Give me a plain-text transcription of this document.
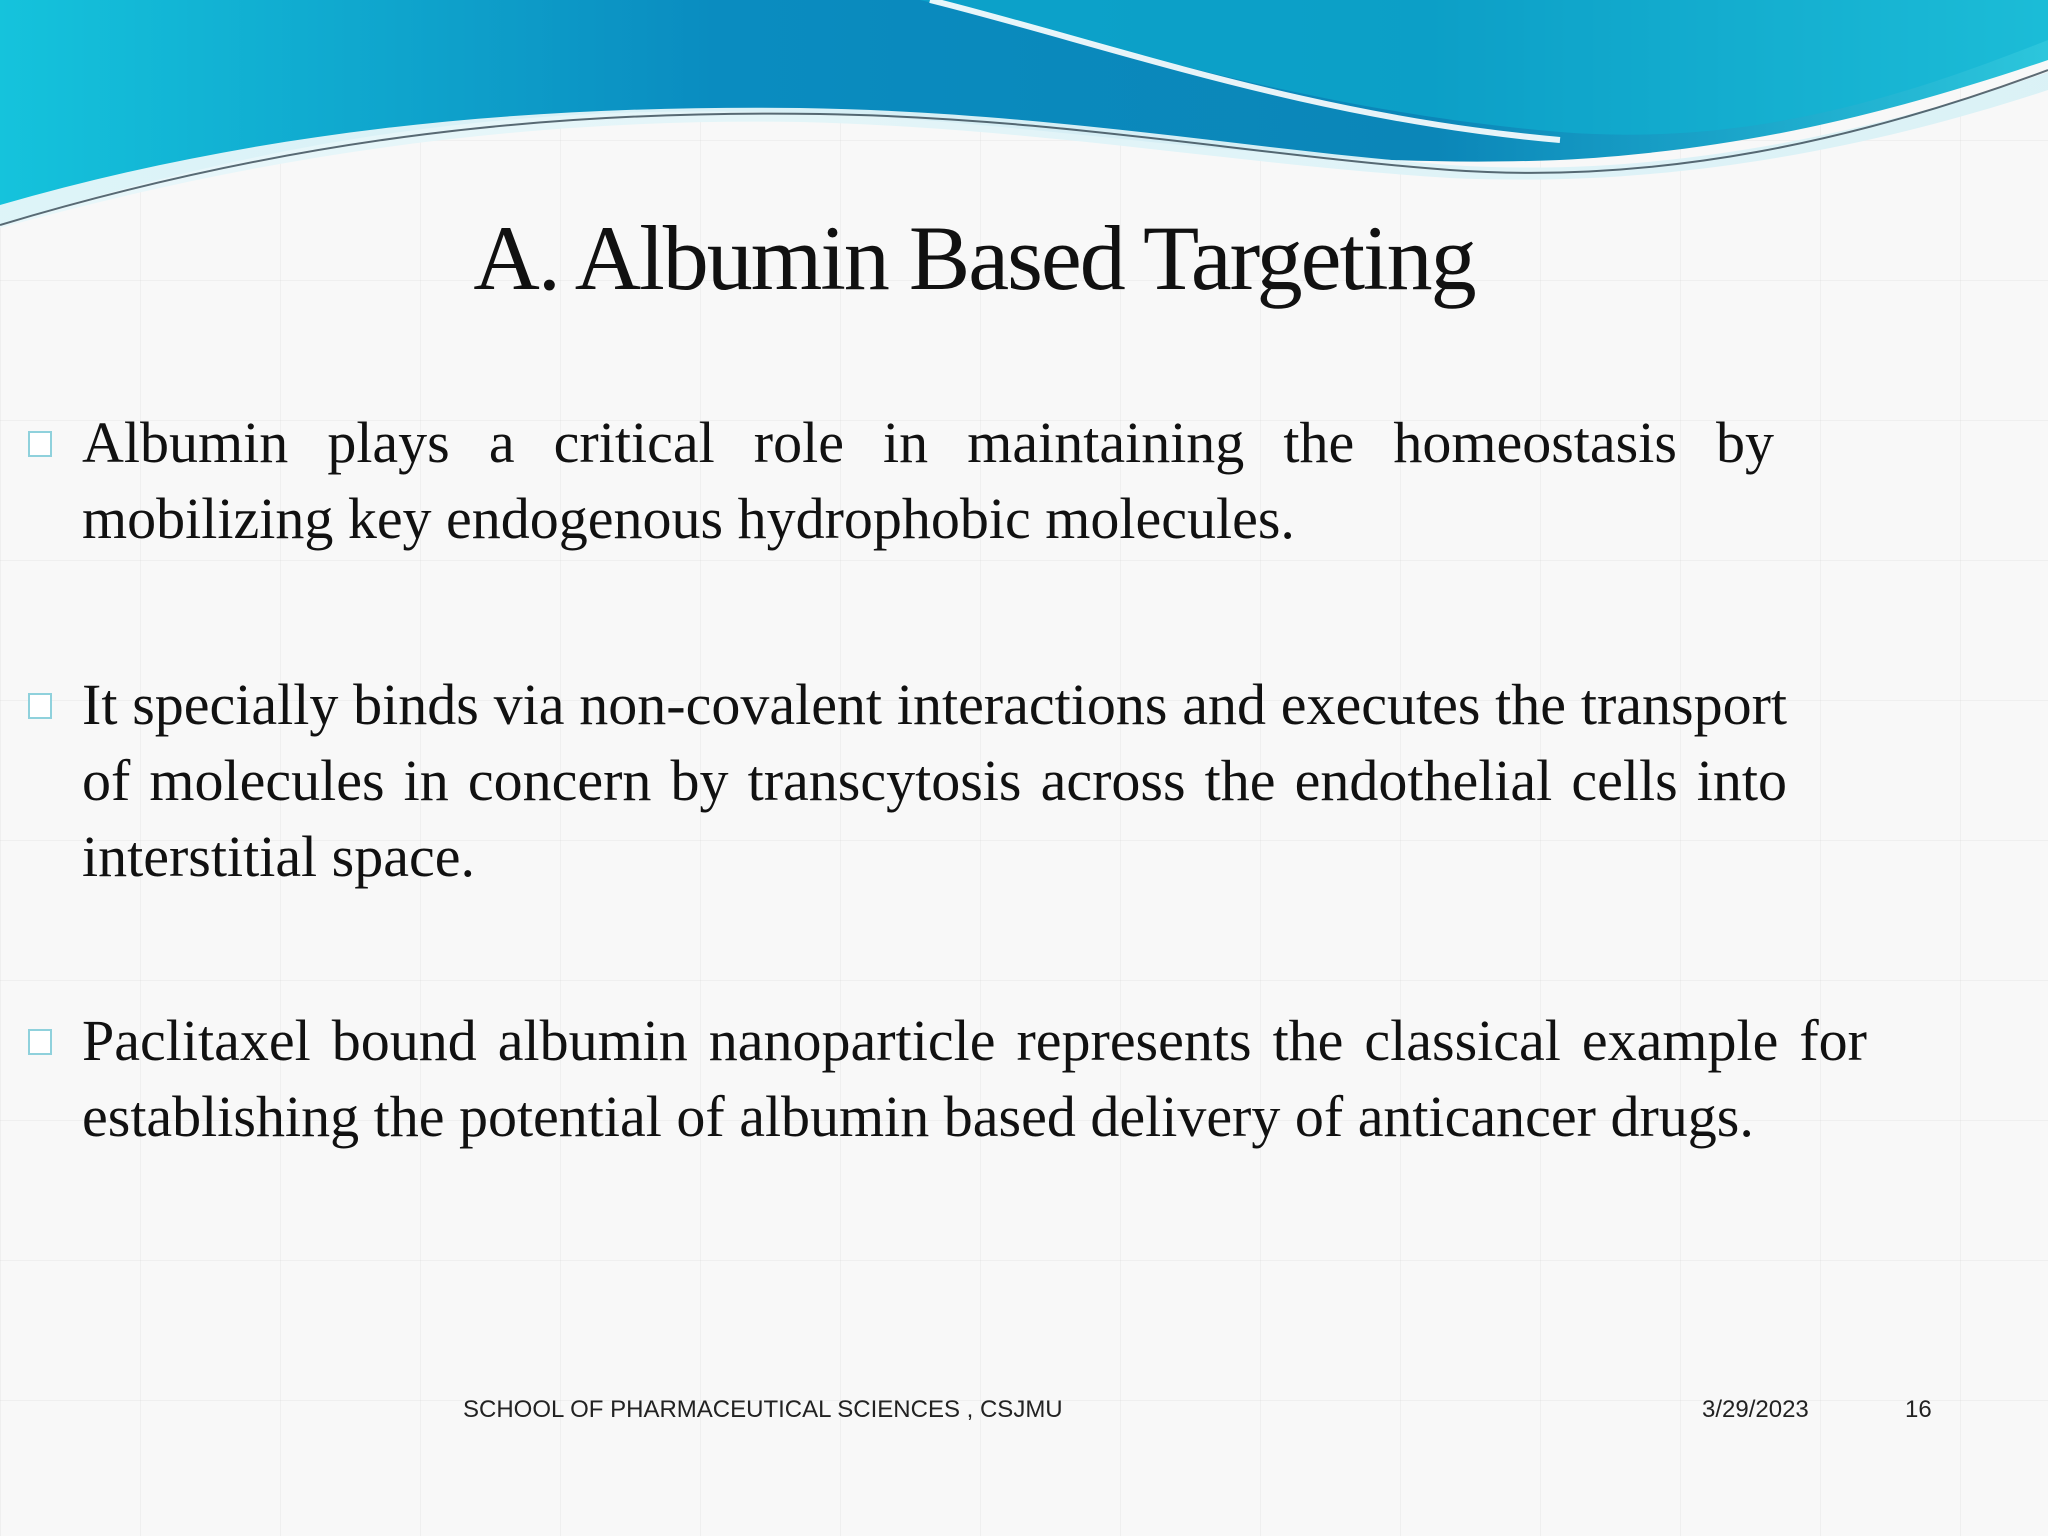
A. Albumin Based Targeting

Albumin plays a critical role in maintaining the homeostasis by mobilizing key endogenous hydrophobic molecules.

It specially binds via non-covalent interactions and executes the transport of molecules in concern by transcytosis across the endothelial cells into interstitial space.

Paclitaxel bound albumin nanoparticle represents the classical example for establishing the potential of albumin based delivery of anticancer drugs.

SCHOOL OF PHARMACEUTICAL SCIENCES , CSJMU	3/29/2023	16
